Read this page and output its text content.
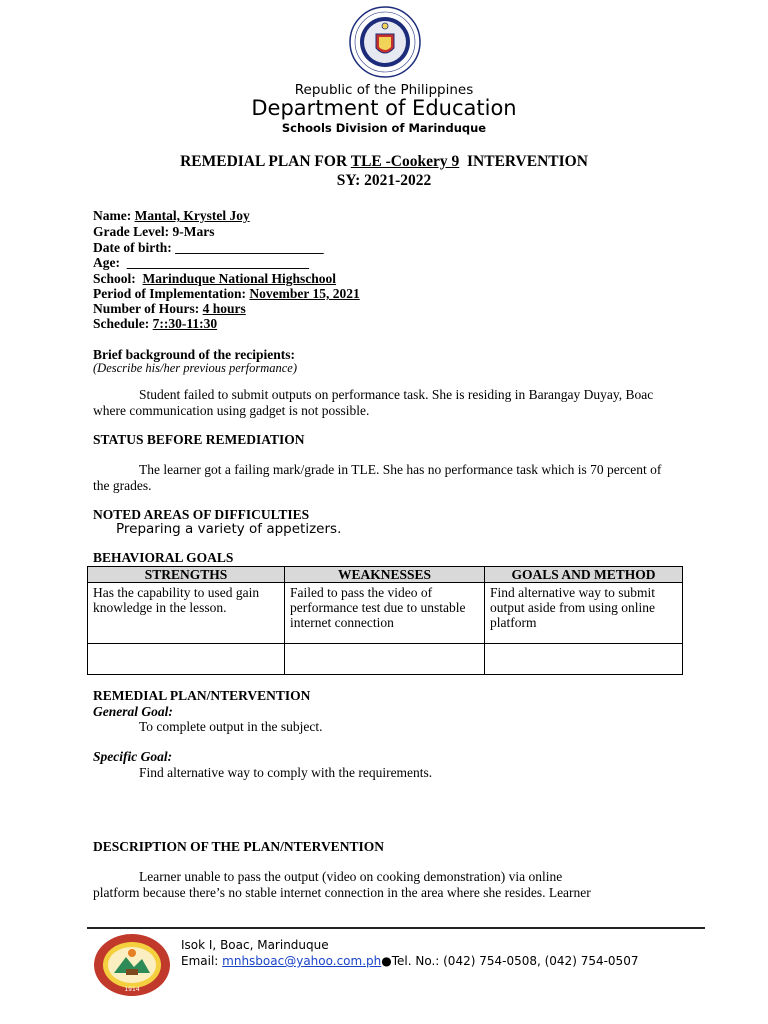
Republic of the Philippines
Department of Education
Schools Division of Marinduque
REMEDIAL PLAN FOR TLE -Cookery 9  INTERVENTION
SY: 2021-2022
Name: Mantal, Krystel Joy
Grade Level: 9-Mars
Date of birth: ______________________
Age:  ___________________________
School:  Marinduque National Highschool
Period of Implementation: November 15, 2021
Number of Hours: 4 hours
Schedule: 7::30-11:30
Brief background of the recipients:
(Describe his/her previous performance)
Student failed to submit outputs on performance task. She is residing in Barangay Duyay, Boac where communication using gadget is not possible.
STATUS BEFORE REMEDIATION
The learner got a failing mark/grade in TLE. She has no performance task which is 70 percent of the grades.
NOTED AREAS OF DIFFICULTIES
Preparing a variety of appetizers.
BEHAVIORAL GOALS
STRENGTHS	WEAKNESSES	GOALS AND METHOD
Has the capability to used gain knowledge in the lesson.	Failed to pass the video of performance test due to unstable internet connection	Find alternative way to submit output aside from using online platform

REMEDIAL PLAN/NTERVENTION
General Goal:
To complete output in the subject.
Specific Goal:
Find alternative way to comply with the requirements.
DESCRIPTION OF THE PLAN/NTERVENTION
Learner unable to pass the output (video on cooking demonstration) via online
platform because there’s no stable internet connection in the area where she resides. Learner
1914
Isok I, Boac, Marinduque
Email: mnhsboac@yahoo.com.ph●Tel. No.: (042) 754-0508, (042) 754-0507
